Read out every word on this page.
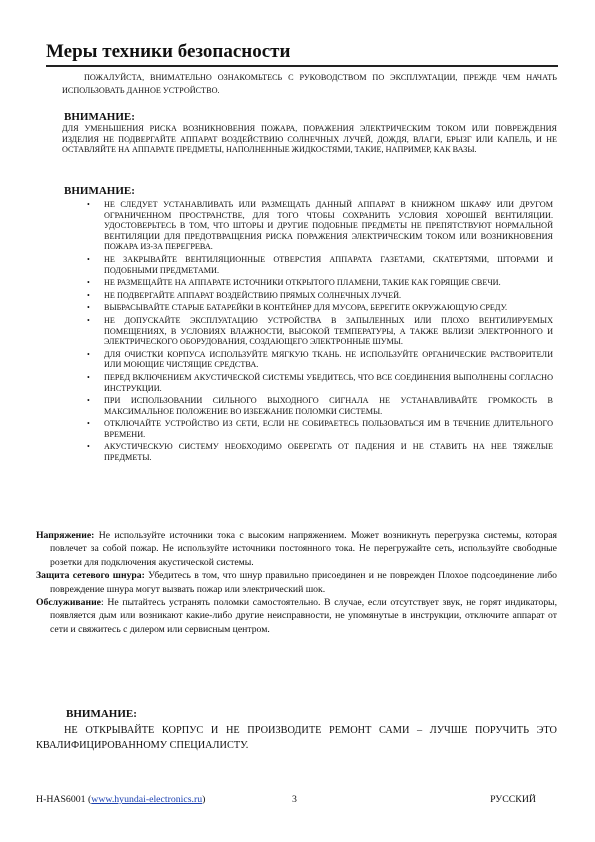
Меры техники безопасности
ПОЖАЛУЙСТА, ВНИМАТЕЛЬНО ОЗНАКОМЬТЕСЬ С РУКОВОДСТВОМ ПО ЭКСПЛУАТАЦИИ, ПРЕЖДЕ ЧЕМ НАЧАТЬ ИСПОЛЬЗОВАТЬ ДАННОЕ УСТРОЙСТВО.
ВНИМАНИЕ:
ДЛЯ УМЕНЬШЕНИЯ РИСКА ВОЗНИКНОВЕНИЯ ПОЖАРА, ПОРАЖЕНИЯ ЭЛЕКТРИЧЕСКИМ ТОКОМ ИЛИ ПОВРЕЖДЕНИЯ ИЗДЕЛИЯ НЕ ПОДВЕРГАЙТЕ АППАРАТ ВОЗДЕЙСТВИЮ СОЛНЕЧНЫХ ЛУЧЕЙ, ДОЖДЯ, ВЛАГИ, БРЫЗГ ИЛИ КАПЕЛЬ, И НЕ ОСТАВЛЯЙТЕ НА АППАРАТЕ ПРЕДМЕТЫ, НАПОЛНЕННЫЕ ЖИДКОСТЯМИ, ТАКИЕ, НАПРИМЕР, КАК ВАЗЫ.
ВНИМАНИЕ:
• НЕ СЛЕДУЕТ УСТАНАВЛИВАТЬ ИЛИ РАЗМЕЩАТЬ ДАННЫЙ АППАРАТ В КНИЖНОМ ШКАФУ ИЛИ ДРУГОМ ОГРАНИЧЕННОМ ПРОСТРАНСТВЕ, ДЛЯ ТОГО ЧТОБЫ СОХРАНИТЬ УСЛОВИЯ ХОРОШЕЙ ВЕНТИЛЯЦИИ. УДОСТОВЕРЬТЕСЬ В ТОМ, ЧТО ШТОРЫ И ДРУГИЕ ПОДОБНЫЕ ПРЕДМЕТЫ НЕ ПРЕПЯТСТВУЮТ НОРМАЛЬНОЙ ВЕНТИЛЯЦИИ ДЛЯ ПРЕДОТВРАЩЕНИЯ РИСКА ПОРАЖЕНИЯ ЭЛЕКТРИЧЕСКИМ ТОКОМ ИЛИ ВОЗНИКНОВЕНИЯ ПОЖАРА ИЗ-ЗА ПЕРЕГРЕВА.
• НЕ ЗАКРЫВАЙТЕ ВЕНТИЛЯЦИОННЫЕ ОТВЕРСТИЯ АППАРАТА ГАЗЕТАМИ, СКАТЕРТЯМИ, ШТОРАМИ И ПОДОБНЫМИ ПРЕДМЕТАМИ.
• НЕ РАЗМЕЩАЙТЕ НА АППАРАТЕ ИСТОЧНИКИ ОТКРЫТОГО ПЛАМЕНИ, ТАКИЕ КАК ГОРЯЩИЕ СВЕЧИ.
• НЕ ПОДВЕРГАЙТЕ АППАРАТ ВОЗДЕЙСТВИЮ ПРЯМЫХ СОЛНЕЧНЫХ ЛУЧЕЙ.
• ВЫБРАСЫВАЙТЕ СТАРЫЕ БАТАРЕЙКИ В КОНТЕЙНЕР ДЛЯ МУСОРА, БЕРЕГИТЕ ОКРУЖАЮЩУЮ СРЕДУ.
• НЕ ДОПУСКАЙТЕ ЭКСПЛУАТАЦИЮ УСТРОЙСТВА В ЗАПЫЛЕННЫХ ИЛИ ПЛОХО ВЕНТИЛИРУЕМЫХ ПОМЕЩЕНИЯХ, В УСЛОВИЯХ ВЛАЖНОСТИ, ВЫСОКОЙ ТЕМПЕРАТУРЫ, А ТАКЖЕ ВБЛИЗИ ЭЛЕКТРОННОГО И ЭЛЕКТРИЧЕСКОГО ОБОРУДОВАНИЯ, СОЗДАЮЩЕГО ЭЛЕКТРОННЫЕ ШУМЫ.
• ДЛЯ ОЧИСТКИ КОРПУСА ИСПОЛЬЗУЙТЕ МЯГКУЮ ТКАНЬ. НЕ ИСПОЛЬЗУЙТЕ ОРГАНИЧЕСКИЕ РАСТВОРИТЕЛИ ИЛИ МОЮЩИЕ ЧИСТЯЩИЕ СРЕДСТВА.
• ПЕРЕД ВКЛЮЧЕНИЕМ АКУСТИЧЕСКОЙ СИСТЕМЫ УБЕДИТЕСЬ, ЧТО ВСЕ СОЕДИНЕНИЯ ВЫПОЛНЕНЫ СОГЛАСНО ИНСТРУКЦИИ.
• ПРИ ИСПОЛЬЗОВАНИИ СИЛЬНОГО ВЫХОДНОГО СИГНАЛА НЕ УСТАНАВЛИВАЙТЕ ГРОМКОСТЬ В МАКСИМАЛЬНОЕ ПОЛОЖЕНИЕ ВО ИЗБЕЖАНИЕ ПОЛОМКИ СИСТЕМЫ.
• ОТКЛЮЧАЙТЕ УСТРОЙСТВО ИЗ СЕТИ, ЕСЛИ НЕ СОБИРАЕТЕСЬ ПОЛЬЗОВАТЬСЯ ИМ В ТЕЧЕНИЕ ДЛИТЕЛЬНОГО ВРЕМЕНИ.
• АКУСТИЧЕСКУЮ СИСТЕМУ НЕОБХОДИМО ОБЕРЕГАТЬ ОТ ПАДЕНИЯ И НЕ СТАВИТЬ НА НЕЕ ТЯЖЕЛЫЕ ПРЕДМЕТЫ.
Напряжение: Не используйте источники тока с высоким напряжением. Может возникнуть перегрузка системы, которая повлечет за собой пожар. Не используйте источники постоянного тока. Не перегружайте сеть, используйте свободные розетки для подключения акустической системы.
Защита сетевого шнура: Убедитесь в том, что шнур правильно присоединен и не поврежден Плохое подсоединение либо повреждение шнура могут вызвать пожар или электрический шок.
Обслуживание: Не пытайтесь устранять поломки самостоятельно. В случае, если отсутствует звук, не горят индикаторы, появляется дым или возникают какие-либо другие неисправности, не упомянутые в инструкции, отключите аппарат от сети и свяжитесь с дилером или сервисным центром.
ВНИМАНИЕ:
НЕ ОТКРЫВАЙТЕ КОРПУС И НЕ ПРОИЗВОДИТЕ РЕМОНТ САМИ – ЛУЧШЕ ПОРУЧИТЬ ЭТО КВАЛИФИЦИРОВАННОМУ СПЕЦИАЛИСТУ.
H-HAS6001 (www.hyundai-electronics.ru)	3	РУССКИЙ
